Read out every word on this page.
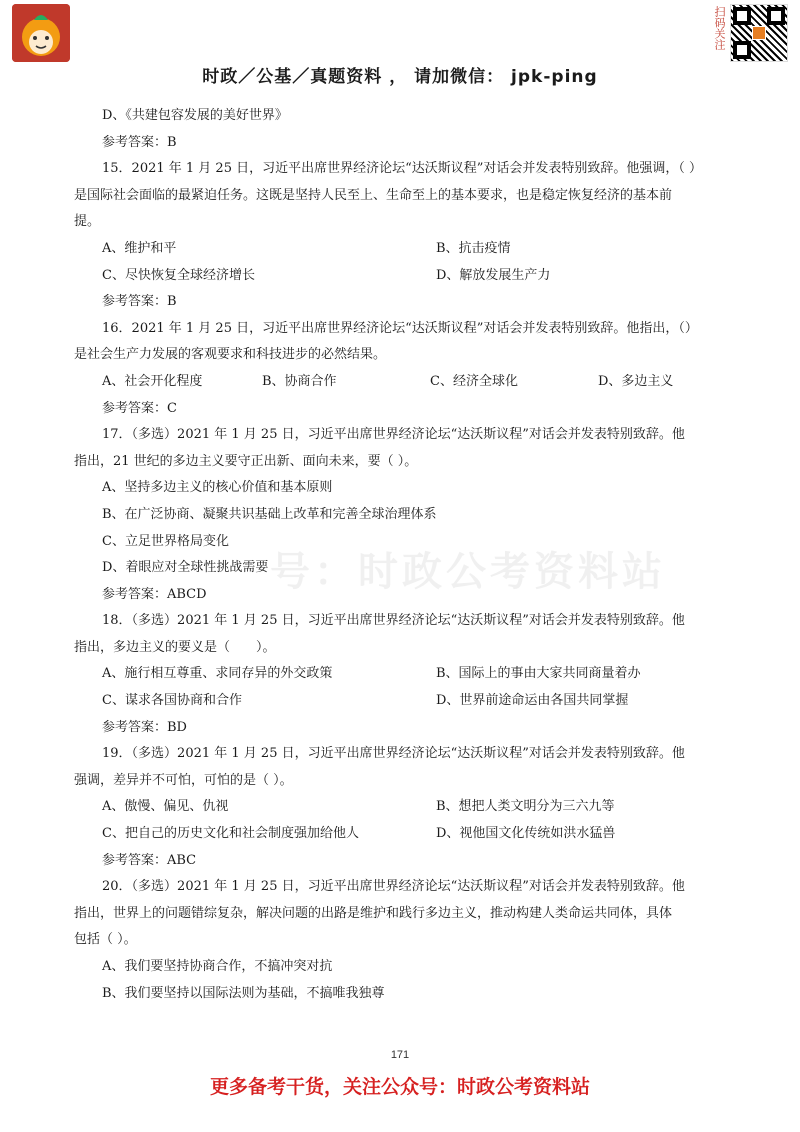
扫码关注
时政／公基／真题资料 ， 请加微信： jpk-ping
号：时政公考资料站

D、《共建包容发展的美好世界》

参考答案：B

15．2021 年 1 月 25 日，习近平出席世界经济论坛“达沃斯议程”对话会并发表特别致辞。他强调，（ ）

是国际社会面临的最紧迫任务。这既是坚持人民至上、生命至上的基本要求，也是稳定恢复经济的基本前

提。

A、维护和平	B、抗击疫情
C、尽快恢复全球经济增长	D、解放发展生产力

参考答案：B

16．2021 年 1 月 25 日，习近平出席世界经济论坛“达沃斯议程”对话会并发表特别致辞。他指出，（）

是社会生产力发展的客观要求和科技进步的必然结果。

A、社会开化程度	B、协商合作	C、经济全球化	D、多边主义

参考答案：C

17．（多选）2021 年 1 月 25 日，习近平出席世界经济论坛“达沃斯议程”对话会并发表特别致辞。他

指出，21 世纪的多边主义要守正出新、面向未来，要（ ）。

A、坚持多边主义的核心价值和基本原则

B、在广泛协商、凝聚共识基础上改革和完善全球治理体系

C、立足世界格局变化

D、着眼应对全球性挑战需要

参考答案：ABCD

18．（多选）2021 年 1 月 25 日，习近平出席世界经济论坛“达沃斯议程”对话会并发表特别致辞。他

指出，多边主义的要义是（　　）。

A、施行相互尊重、求同存异的外交政策	B、国际上的事由大家共同商量着办
C、谋求各国协商和合作	D、世界前途命运由各国共同掌握

参考答案：BD

19．（多选）2021 年 1 月 25 日，习近平出席世界经济论坛“达沃斯议程”对话会并发表特别致辞。他

强调，差异并不可怕，可怕的是（ ）。

A、傲慢、偏见、仇视	B、想把人类文明分为三六九等
C、把自己的历史文化和社会制度强加给他人	D、视他国文化传统如洪水猛兽

参考答案：ABC

20．（多选）2021 年 1 月 25 日，习近平出席世界经济论坛“达沃斯议程”对话会并发表特别致辞。他

指出，世界上的问题错综复杂，解决问题的出路是维护和践行多边主义，推动构建人类命运共同体，具体

包括（ ）。

A、我们要坚持协商合作，不搞冲突对抗

B、我们要坚持以国际法则为基础，不搞唯我独尊

171
更多备考干货，关注公众号：时政公考资料站
